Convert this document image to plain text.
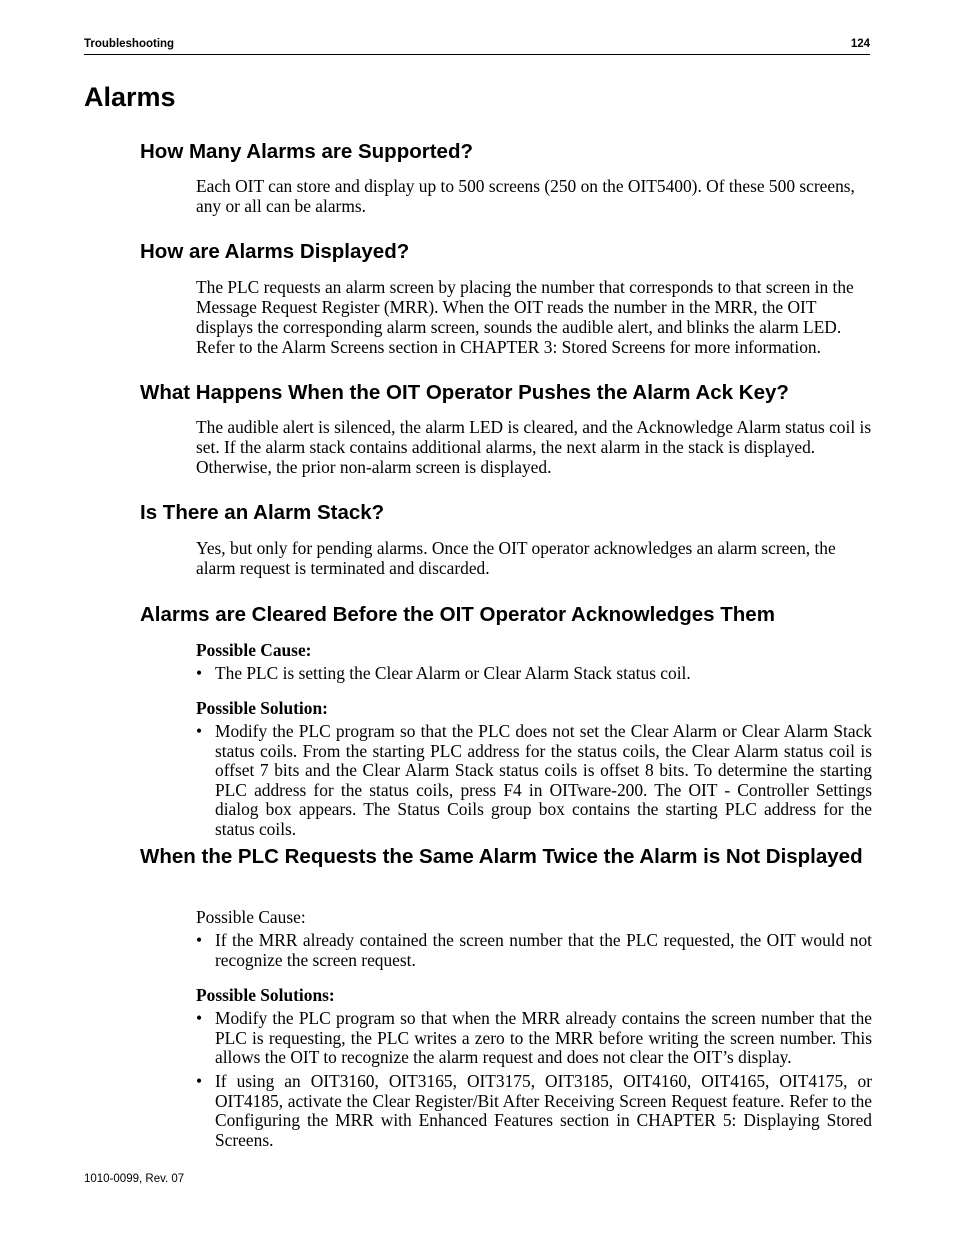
Troubleshooting	124
Alarms
How Many Alarms are Supported?

Each OIT can store and display up to 500 screens (250 on the OIT5400). Of these 500 screens, any or all can be alarms.

How are Alarms Displayed?

The PLC requests an alarm screen by placing the number that corresponds to that screen in the Message Request Register (MRR). When the OIT reads the number in the MRR, the OIT displays the corresponding alarm screen, sounds the audible alert, and blinks the alarm LED. Refer to the Alarm Screens section in CHAPTER 3: Stored Screens for more information.

What Happens When the OIT Operator Pushes the Alarm Ack Key?

The audible alert is silenced, the alarm LED is cleared, and the Acknowledge Alarm status coil is set. If the alarm stack contains additional alarms, the next alarm in the stack is displayed. Otherwise, the prior non-alarm screen is displayed.

Is There an Alarm Stack?

Yes, but only for pending alarms. Once the OIT operator acknowledges an alarm screen, the alarm request is terminated and discarded.

Alarms are Cleared Before the OIT Operator Acknowledges Them

Possible Cause:

• The PLC is setting the Clear Alarm or Clear Alarm Stack status coil.

Possible Solution:

• Modify the PLC program so that the PLC does not set the Clear Alarm or Clear Alarm Stack status coils. From the starting PLC address for the status coils, the Clear Alarm status coil is offset 7 bits and the Clear Alarm Stack status coils is offset 8 bits. To determine the starting PLC address for the status coils, press F4 in OITware-200. The OIT - Controller Settings dialog box appears. The Status Coils group box contains the starting PLC address for the status coils.
When the PLC Requests the Same Alarm Twice the Alarm is Not Displayed

Possible Cause:

• If the MRR already contained the screen number that the PLC requested, the OIT would not recognize the screen request.

Possible Solutions:

• Modify the PLC program so that when the MRR already contains the screen number that the PLC is requesting, the PLC writes a zero to the MRR before writing the screen number. This allows the OIT to recognize the alarm request and does not clear the OIT’s display.
• If using an OIT3160, OIT3165, OIT3175, OIT3185, OIT4160, OIT4165, OIT4175, or OIT4185, activate the Clear Register/Bit After Receiving Screen Request feature. Refer to the Configuring the MRR with Enhanced Features section in CHAPTER 5: Displaying Stored Screens.
1010-0099, Rev. 07
